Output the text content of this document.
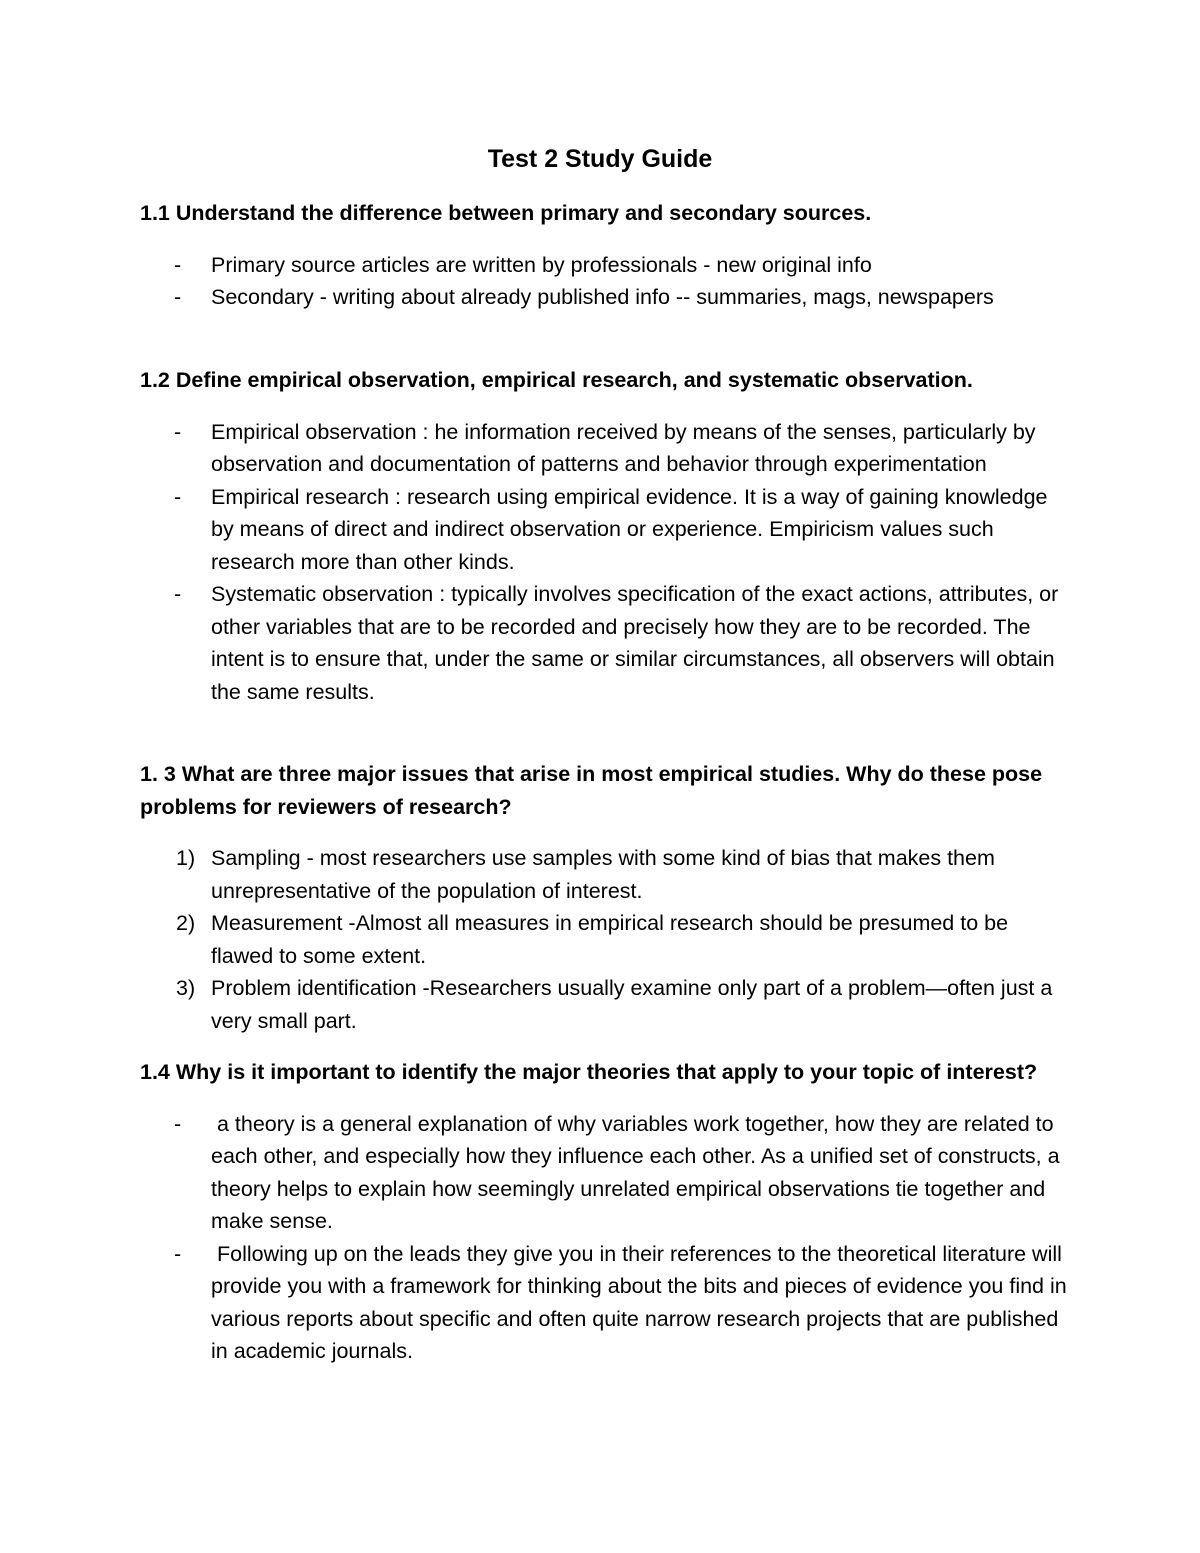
Test 2 Study Guide

1.1 Understand the difference between primary and secondary sources.

-	Primary source articles are written by professionals - new original info
-	Secondary - writing about already published info -- summaries, mags, newspapers

1.2 Define empirical observation, empirical research, and systematic observation.

-	Empirical observation : he information received by means of the senses, particularly by observation and documentation of patterns and behavior through experimentation
-	Empirical research : research using empirical evidence. It is a way of gaining knowledge by means of direct and indirect observation or experience. Empiricism values such research more than other kinds.
-	Systematic observation : typically involves specification of the exact actions, attributes, or other variables that are to be recorded and precisely how they are to be recorded. The intent is to ensure that, under the same or similar circumstances, all observers will obtain the same results.

1. 3 What are three major issues that arise in most empirical studies. Why do these pose problems for reviewers of research?

1) Sampling - most researchers use samples with some kind of bias that makes them unrepresentative of the population of interest.
2) Measurement -Almost all measures in empirical research should be presumed to be flawed to some extent.
3) Problem identification -Researchers usually examine only part of a problem—often just a very small part.

1.4 Why is it important to identify the major theories that apply to your topic of interest?

-	a theory is a general explanation of why variables work together, how they are related to each other, and especially how they influence each other. As a unified set of constructs, a theory helps to explain how seemingly unrelated empirical observations tie together and make sense.
-	Following up on the leads they give you in their references to the theoretical literature will provide you with a framework for thinking about the bits and pieces of evidence you find in various reports about specific and often quite narrow research projects that are published in academic journals.
